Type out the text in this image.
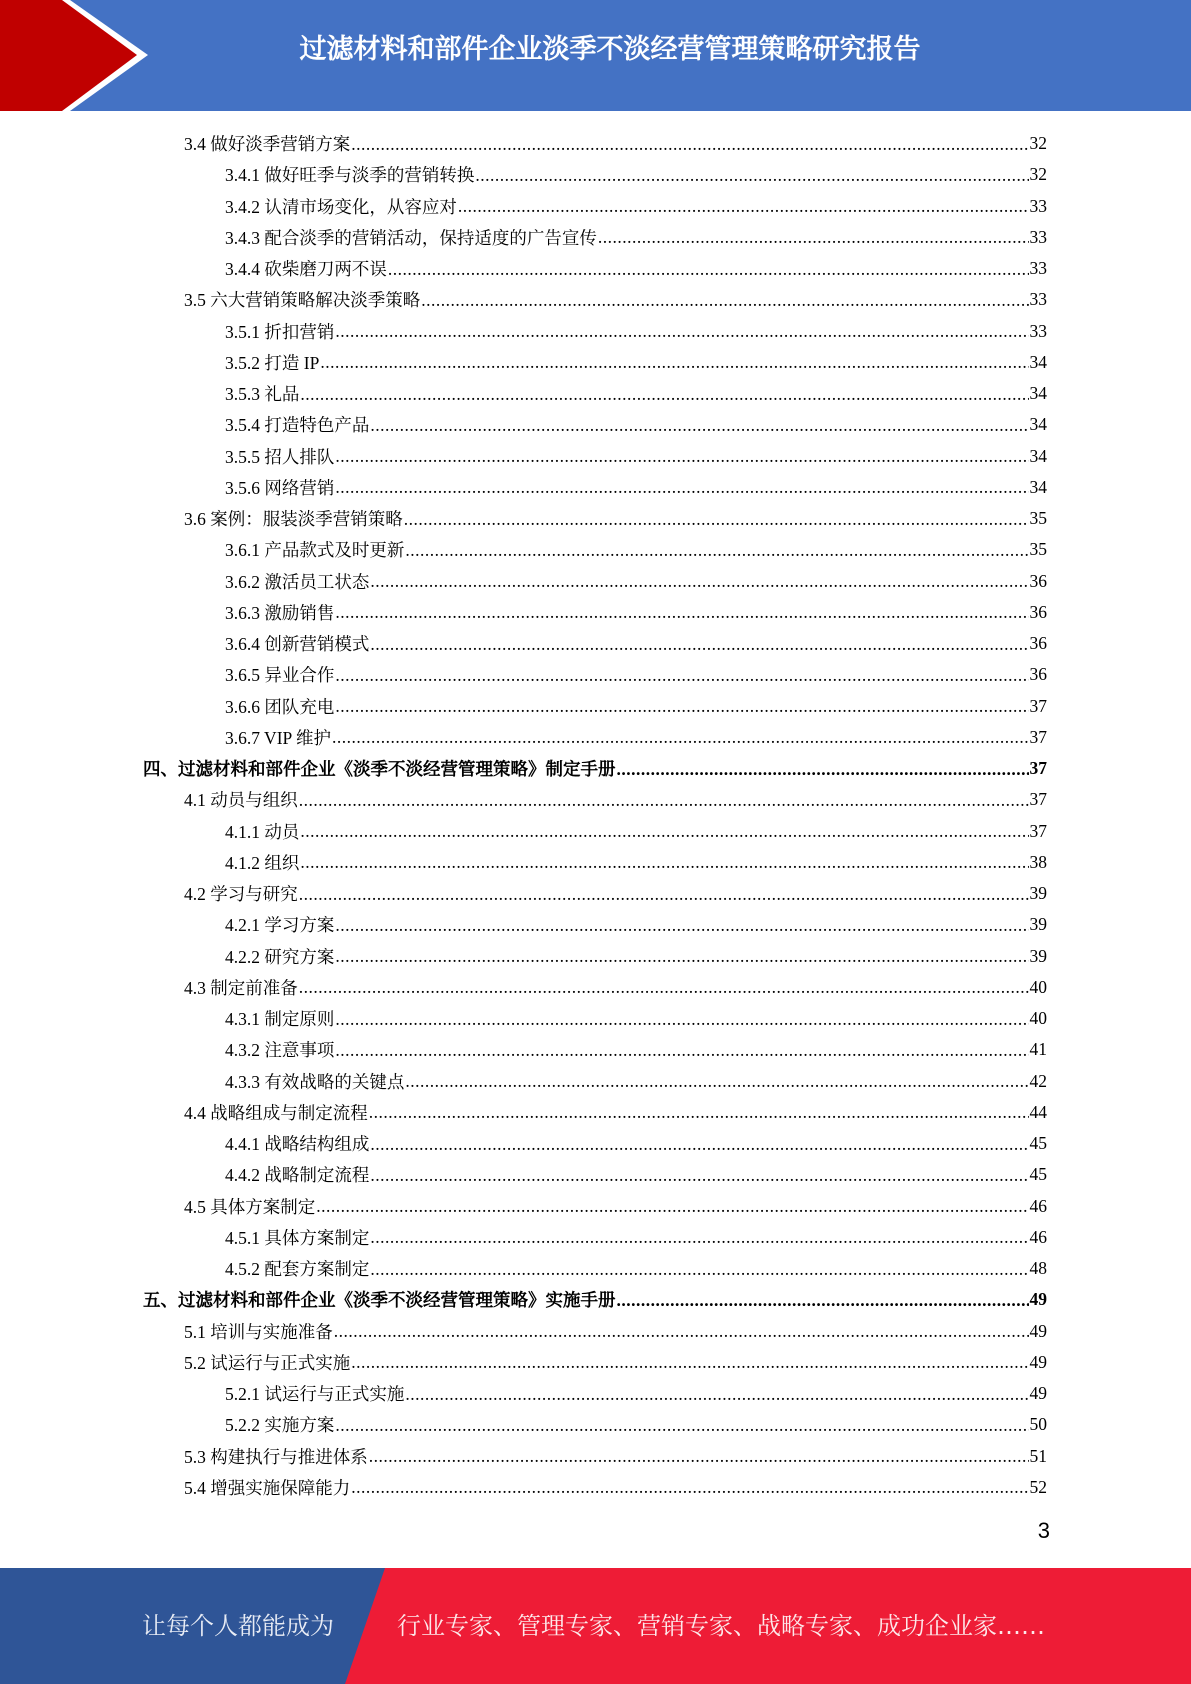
过滤材料和部件企业淡季不淡经营管理策略研究报告
3.4 做好淡季营销方案 .....	32
3.4.1 做好旺季与淡季的营销转换 .....	32
3.4.2 认清市场变化，从容应对 .....	33
3.4.3 配合淡季的营销活动，保持适度的广告宣传 .....	33
3.4.4 砍柴磨刀两不误 .....	33
3.5 六大营销策略解决淡季策略 .....	33
3.5.1 折扣营销 .....	33
3.5.2 打造 IP .....	34
3.5.3 礼品 .....	34
3.5.4 打造特色产品 .....	34
3.5.5 招人排队 .....	34
3.5.6 网络营销 .....	34
3.6 案例：服装淡季营销策略 .....	35
3.6.1 产品款式及时更新 .....	35
3.6.2 激活员工状态 .....	36
3.6.3 激励销售 .....	36
3.6.4 创新营销模式 .....	36
3.6.5 异业合作 .....	36
3.6.6 团队充电 .....	37
3.6.7 VIP 维护 .....	37
四、过滤材料和部件企业《淡季不淡经营管理策略》制定手册 .....	37
4.1 动员与组织 .....	37
4.1.1 动员 .....	37
4.1.2 组织 .....	38
4.2 学习与研究 .....	39
4.2.1 学习方案 .....	39
4.2.2 研究方案 .....	39
4.3 制定前准备 .....	40
4.3.1 制定原则 .....	40
4.3.2 注意事项 .....	41
4.3.3 有效战略的关键点 .....	42
4.4 战略组成与制定流程 .....	44
4.4.1 战略结构组成 .....	45
4.4.2 战略制定流程 .....	45
4.5 具体方案制定 .....	46
4.5.1 具体方案制定 .....	46
4.5.2 配套方案制定 .....	48
五、过滤材料和部件企业《淡季不淡经营管理策略》实施手册 .....	49
5.1 培训与实施准备 .....	49
5.2 试运行与正式实施 .....	49
5.2.1 试运行与正式实施 .....	49
5.2.2 实施方案 .....	50
5.3 构建执行与推进体系 .....	51
5.4 增强实施保障能力 .....	52
3
让每个人都能成为	行业专家、管理专家、营销专家、战略专家、成功企业家……
